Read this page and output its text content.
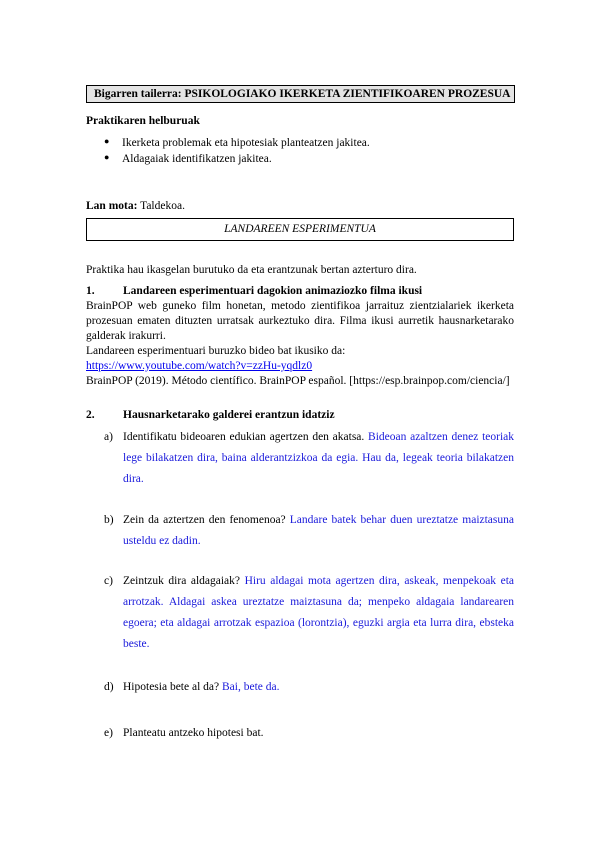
Bigarren tailerra: PSIKOLOGIAKO IKERKETA ZIENTIFIKOAREN PROZESUA
Praktikaren helburuak
● Ikerketa problemak eta hipotesiak planteatzen jakitea.
● Aldagaiak identifikatzen jakitea.
Lan mota: Taldekoa.
LANDAREEN ESPERIMENTUA
Praktika hau ikasgelan burutuko da eta erantzunak bertan azterturo dira.
1. Landareen esperimentuari dagokion animaziozko filma ikusi
BrainPOP web guneko film honetan, metodo zientifikoa jarraituz zientzialariek ikerketa prozesuan ematen dituzten urratsak aurkeztuko dira. Filma ikusi aurretik hausnarketarako galderak irakurri.
Landareen esperimentuari buruzko bideo bat ikusiko da:
https://www.youtube.com/watch?v=zzHu-yqdlz0
BrainPOP (2019). Método científico. BrainPOP español. [https://esp.brainpop.com/ciencia/]
2. Hausnarketarako galderei erantzun idatziz
a) Identifikatu bideoaren edukian agertzen den akatsa. Bideoan azaltzen denez teoriak lege bilakatzen dira, baina alderantzizkoa da egia. Hau da, legeak teoria bilakatzen dira.
b) Zein da aztertzen den fenomenoa? Landare batek behar duen ureztatze maiztasuna usteldu ez dadin.
c) Zeintzuk dira aldagaiak? Hiru aldagai mota agertzen dira, askeak, menpekoak eta arrotzak. Aldagai askea ureztatze maiztasuna da; menpeko aldagaia landarearen egoera; eta aldagai arrotzak espazioa (lorontzia), eguzki argia eta lurra dira, ebsteka beste.
d) Hipotesia bete al da? Bai, bete da.
e) Planteatu antzeko hipotesi bat.
